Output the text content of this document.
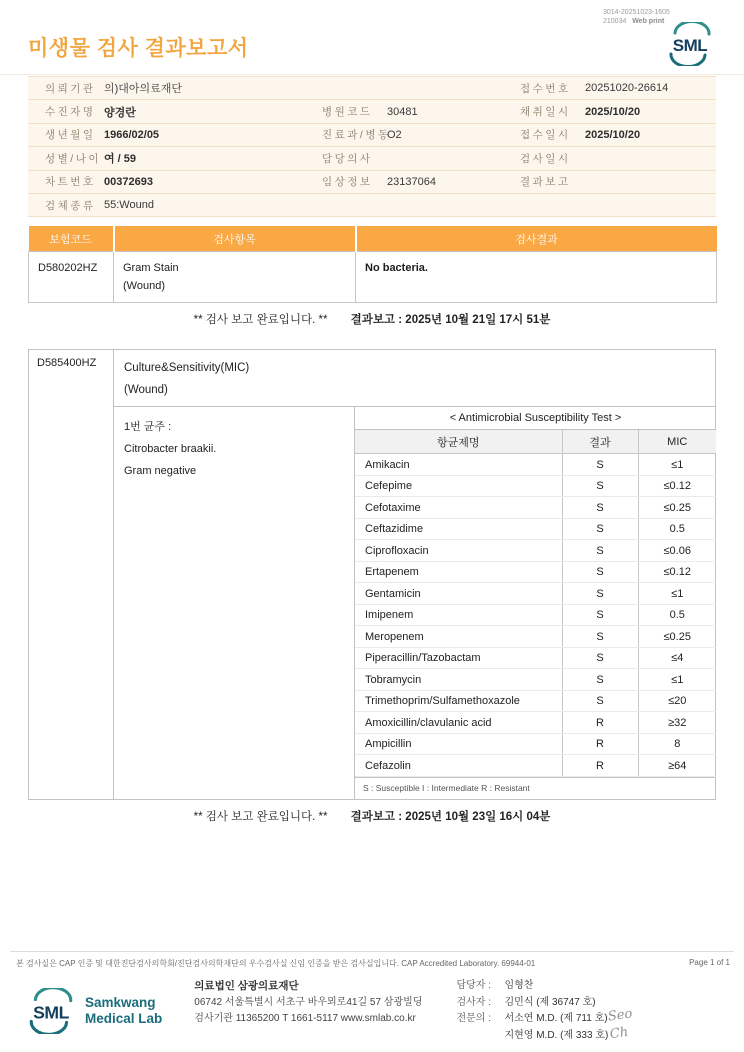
3014-20251023-1605
210034 Web print
미생물 검사 결과보고서	SML
의뢰기관	의)대아의료재단			접수번호	20251020-26614
수진자명	양경란	병원코드	30481	채취일시	2025/10/20
생년월일	1966/02/05	진료과/병동	O2	접수일시	2025/10/20
성별/나이	여 / 59	담당의사		검사일시	
차트번호	00372693	임상정보	23137064	결과보고	
검체종류	55:Wound				
보험코드	검사항목	검사결과
D580202HZ	Gram Stain
(Wound)	No bacteria.
** 검사 보고 완료입니다. ** 결과보고 : 2025년 10월 21일 17시 51분
D585400HZ	Culture&Sensitivity(MIC)
(Wound)
1번 균주 :
Citrobacter braakii.
Gram negative
< Antimicrobial Susceptibility Test >
항균제명	결과	MIC
Amikacin	S	≤1
Cefepime	S	≤0.12
Cefotaxime	S	≤0.25
Ceftazidime	S	0.5
Ciprofloxacin	S	≤0.06
Ertapenem	S	≤0.12
Gentamicin	S	≤1
Imipenem	S	0.5
Meropenem	S	≤0.25
Piperacillin/Tazobactam	S	≤4
Tobramycin	S	≤1
Trimethoprim/Sulfamethoxazole	S	≤20
Amoxicillin/clavulanic acid	R	≥32
Ampicillin	R	8
Cefazolin	R	≥64
S : Susceptible I : Intermediate R : Resistant
** 검사 보고 완료입니다. ** 결과보고 : 2025년 10월 23일 16시 04분
본 검사실은 CAP 인증 및 대한진단검사의학회/진단검사의학재단의 우수검사실 신임 인증을 받은 검사실입니다. CAP Accredited Laboratory. 69944-01	Page 1 of 1
SML Samkwang
Medical Lab
의료법인 삼광의료재단
06742 서울특별시 서초구 바우뫼로41길 57 삼광빌딩
검사기관 11365200 T 1661-5117 www.smlab.co.kr
담당자 :	임형찬
검사자 :	김민식 (제 36747 호)
전문의 :	서소연 M.D. (제 711 호)
지현영 M.D. (제 333 호)
Seo
Ch
